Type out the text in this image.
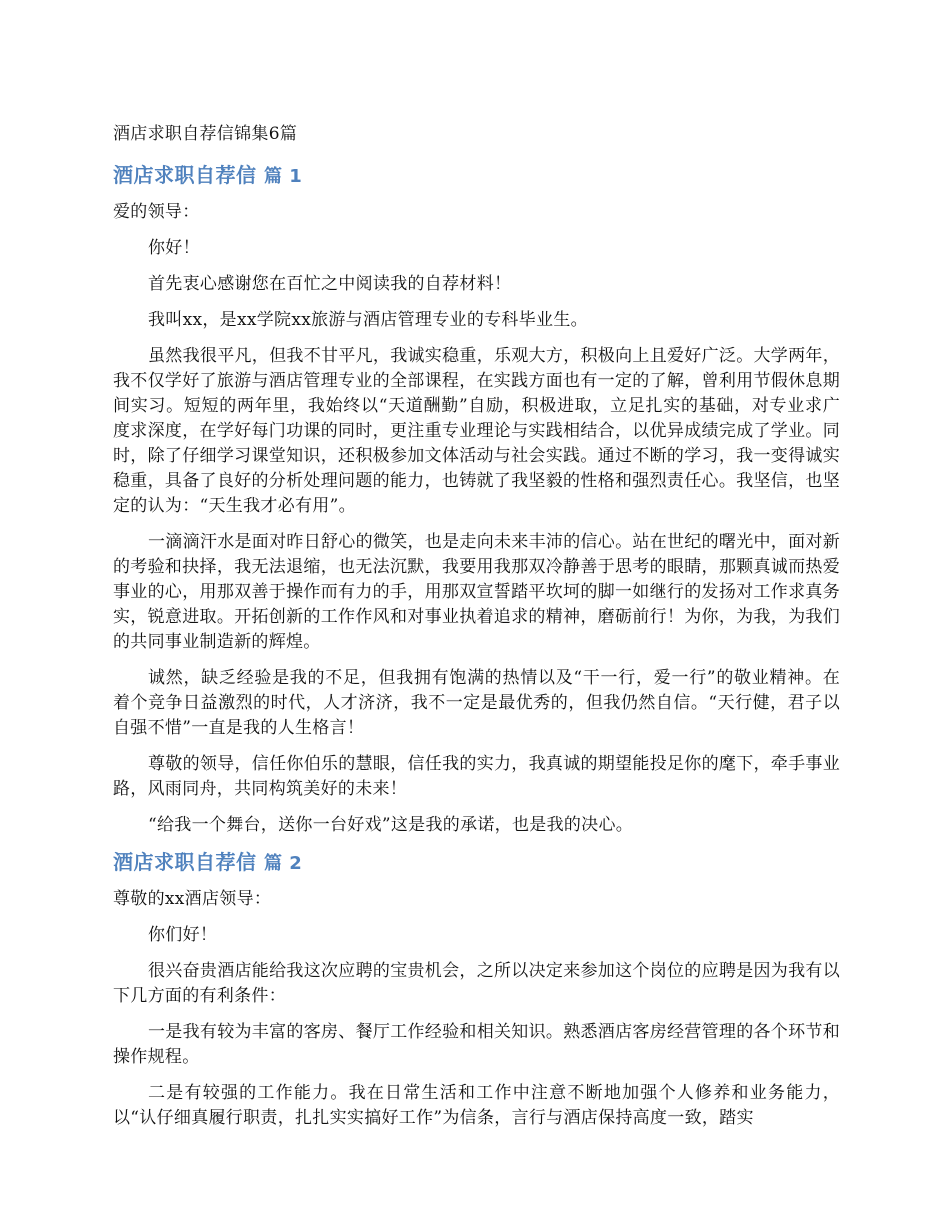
酒店求职自荐信锦集6篇

酒店求职自荐信 篇 1

爱的领导：

你好！

首先衷心感谢您在百忙之中阅读我的自荐材料！

我叫xx，是xx学院xx旅游与酒店管理专业的专科毕业生。

虽然我很平凡，但我不甘平凡，我诚实稳重，乐观大方，积极向上且爱好广泛。大学两年，我不仅学好了旅游与酒店管理专业的全部课程，在实践方面也有一定的了解，曾利用节假休息期间实习。短短的两年里，我始终以“天道酬勤”自励，积极进取，立足扎实的基础，对专业求广度求深度，在学好每门功课的同时，更注重专业理论与实践相结合，以优异成绩完成了学业。同时，除了仔细学习课堂知识，还积极参加文体活动与社会实践。通过不断的学习，我一变得诚实稳重，具备了良好的分析处理问题的能力，也铸就了我坚毅的性格和强烈责任心。我坚信，也坚定的认为：“天生我才必有用”。

一滴滴汗水是面对昨日舒心的微笑，也是走向未来丰沛的信心。站在世纪的曙光中，面对新的考验和抉择，我无法退缩，也无法沉默，我要用我那双冷静善于思考的眼睛，那颗真诚而热爱事业的心，用那双善于操作而有力的手，用那双宣誓踏平坎坷的脚一如继行的发扬对工作求真务实，锐意进取。开拓创新的工作作风和对事业执着追求的精神，磨砺前行！为你，为我，为我们的共同事业制造新的辉煌。

诚然，缺乏经验是我的不足，但我拥有饱满的热情以及“干一行，爱一行”的敬业精神。在着个竞争日益激烈的时代，人才济济，我不一定是最优秀的，但我仍然自信。“天行健，君子以自强不惜”一直是我的人生格言！

尊敬的领导，信任你伯乐的慧眼，信任我的实力，我真诚的期望能投足你的麾下，牵手事业路，风雨同舟，共同构筑美好的未来！

“给我一个舞台，送你一台好戏”这是我的承诺，也是我的决心。

酒店求职自荐信 篇 2

尊敬的xx酒店领导：

你们好！

很兴奋贵酒店能给我这次应聘的宝贵机会，之所以决定来参加这个岗位的应聘是因为我有以下几方面的有利条件：

一是我有较为丰富的客房、餐厅工作经验和相关知识。熟悉酒店客房经营管理的各个环节和操作规程。

二是有较强的工作能力。我在日常生活和工作中注意不断地加强个人修养和业务能力，以“认仔细真履行职责，扎扎实实搞好工作”为信条，言行与酒店保持高度一致，踏实
